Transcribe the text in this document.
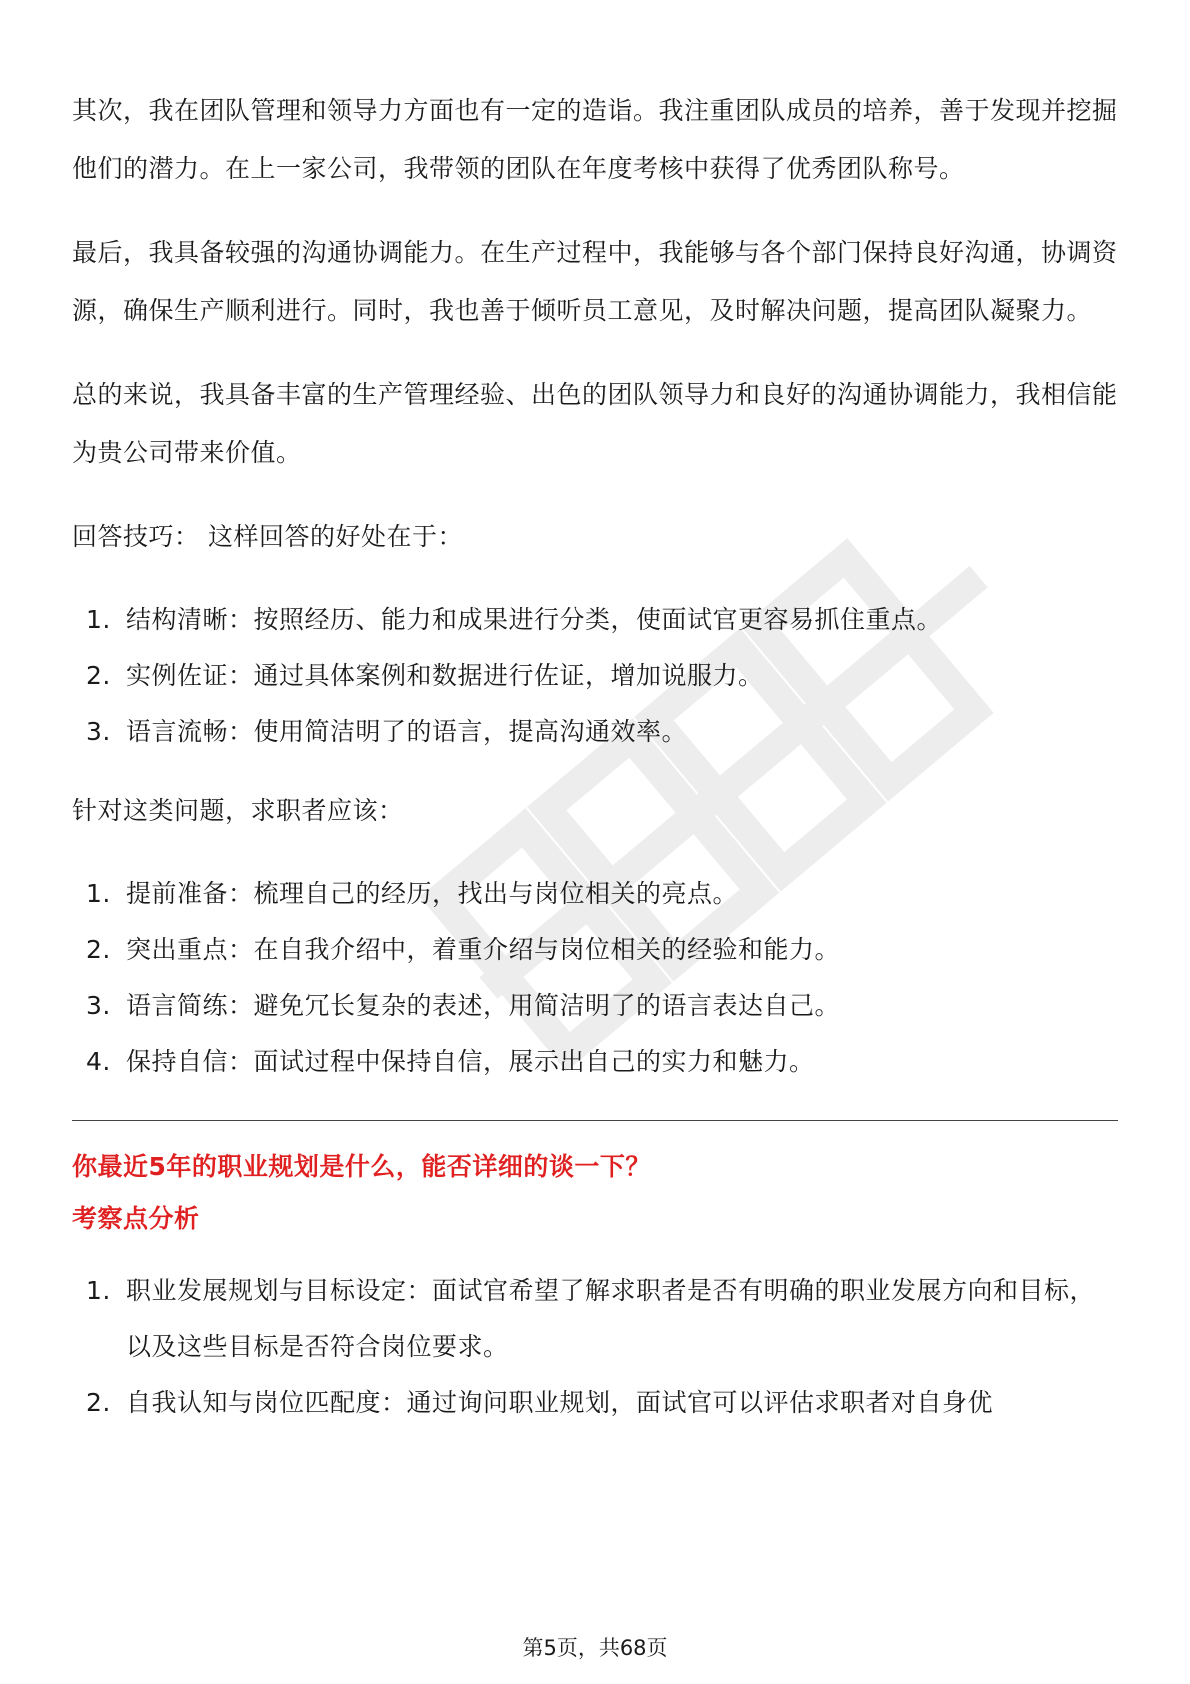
其次，我在团队管理和领导力方面也有一定的造诣。我注重团队成员的培养，善于发现并挖掘他们的潜力。在上一家公司，我带领的团队在年度考核中获得了优秀团队称号。

最后，我具备较强的沟通协调能力。在生产过程中，我能够与各个部门保持良好沟通，协调资源，确保生产顺利进行。同时，我也善于倾听员工意见，及时解决问题，提高团队凝聚力。

总的来说，我具备丰富的生产管理经验、出色的团队领导力和良好的沟通协调能力，我相信能为贵公司带来价值。

回答技巧： 这样回答的好处在于：

1. 结构清晰：按照经历、能力和成果进行分类，使面试官更容易抓住重点。
2. 实例佐证：通过具体案例和数据进行佐证，增加说服力。
3. 语言流畅：使用简洁明了的语言，提高沟通效率。

针对这类问题，求职者应该：

1. 提前准备：梳理自己的经历，找出与岗位相关的亮点。
2. 突出重点：在自我介绍中，着重介绍与岗位相关的经验和能力。
3. 语言简练：避免冗长复杂的表述，用简洁明了的语言表达自己。
4. 保持自信：面试过程中保持自信，展示出自己的实力和魅力。

你最近5年的职业规划是什么，能否详细的谈一下？

考察点分析

1. 职业发展规划与目标设定：面试官希望了解求职者是否有明确的职业发展方向和目标，以及这些目标是否符合岗位要求。
2. 自我认知与岗位匹配度：通过询问职业规划，面试官可以评估求职者对自身优
第5页，共68页
